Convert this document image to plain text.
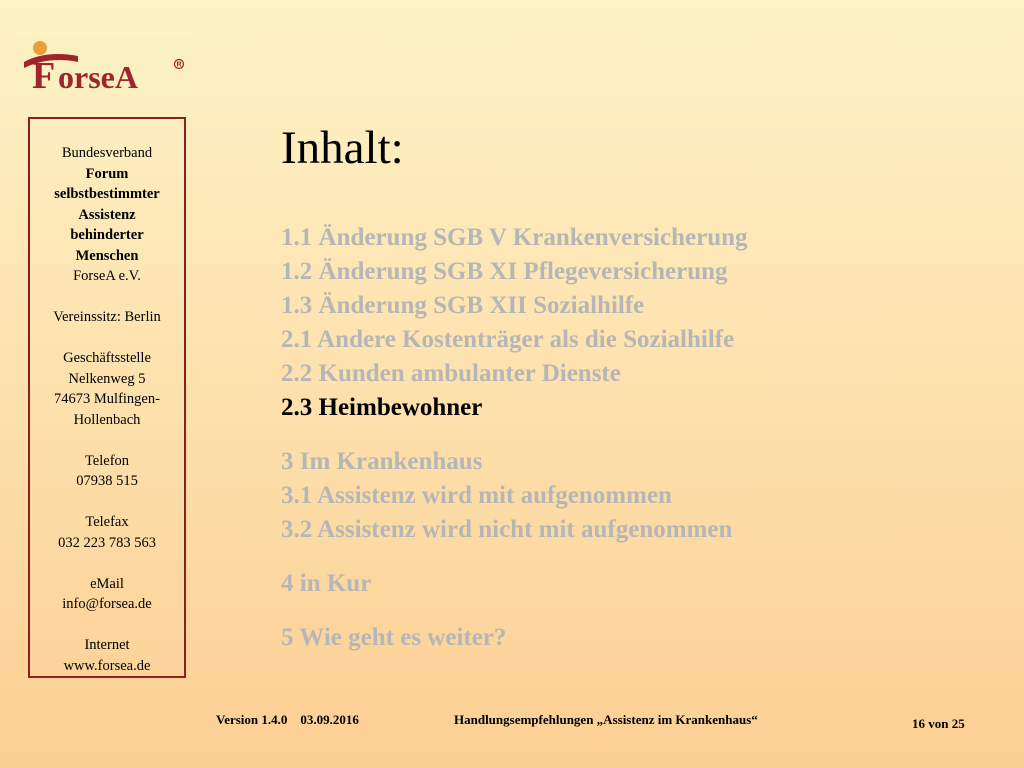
F orseA	R
Bundesverband
Forum
selbstbestimmter
Assistenz
behinderter
Menschen
ForseA e.V.
Vereinssitz: Berlin
Geschäftsstelle
Nelkenweg 5
74673 Mulfingen-
Hollenbach
Telefon
07938 515
Telefax
032 223 783 563
eMail
info@forsea.de
Internet
www.forsea.de
Inhalt:
1.1 Änderung SGB V Krankenversicherung
1.2 Änderung SGB XI Pflegeversicherung
1.3 Änderung SGB XII Sozialhilfe
2.1 Andere Kostenträger als die Sozialhilfe
2.2 Kunden ambulanter Dienste
2.3 Heimbewohner
3 Im Krankenhaus
3.1 Assistenz wird mit aufgenommen
3.2 Assistenz wird nicht mit aufgenommen
4 in Kur
5 Wie geht es weiter?
Version 1.4.0    03.09.2016	Handlungsempfehlungen „Assistenz im Krankenhaus“	16 von 25
